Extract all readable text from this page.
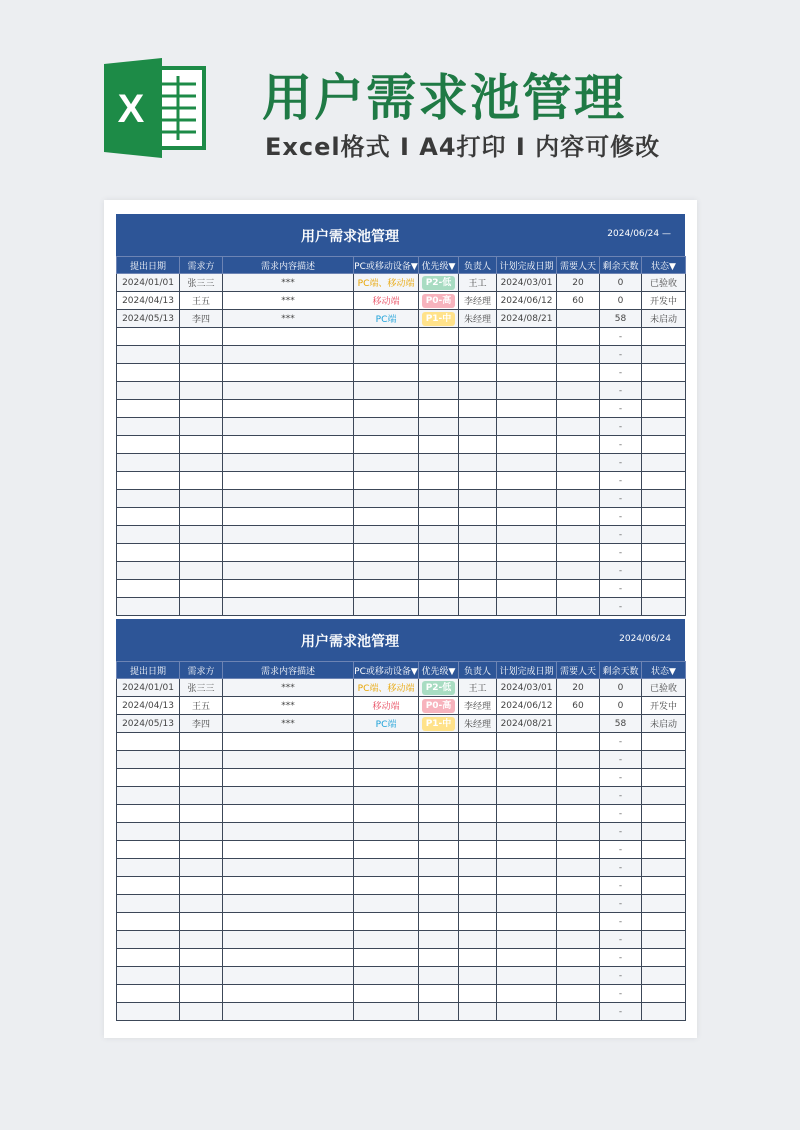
X 用户需求池管理
Excel格式 I A4打印 I 内容可修改
用户需求池管理	2024/06/24 —
提出日期	需求方	需求内容描述	PC或移动设备▼	优先级▼	负责人	计划完成日期	需要人天	剩余天数	状态▼
2024/01/01	张三三	***	PC端、移动端	P2-低	王工	2024/03/01	20	0	已验收
2024/04/13	王五	***	移动端	P0-高	李经理	2024/06/12	60	0	开发中
2024/05/13	李四	***	PC端	P1-中	朱经理	2024/08/21		58	未启动
								-	
								-	
								-	
								-	
								-	
								-	
								-	
								-	
								-	
								-	
								-	
								-	
								-	
								-	
								-	
								-	
用户需求池管理	2024/06/24
提出日期	需求方	需求内容描述	PC或移动设备▼	优先级▼	负责人	计划完成日期	需要人天	剩余天数	状态▼
2024/01/01	张三三	***	PC端、移动端	P2-低	王工	2024/03/01	20	0	已验收
2024/04/13	王五	***	移动端	P0-高	李经理	2024/06/12	60	0	开发中
2024/05/13	李四	***	PC端	P1-中	朱经理	2024/08/21		58	未启动
								-	
								-	
								-	
								-	
								-	
								-	
								-	
								-	
								-	
								-	
								-	
								-	
								-	
								-	
								-	
								-	
